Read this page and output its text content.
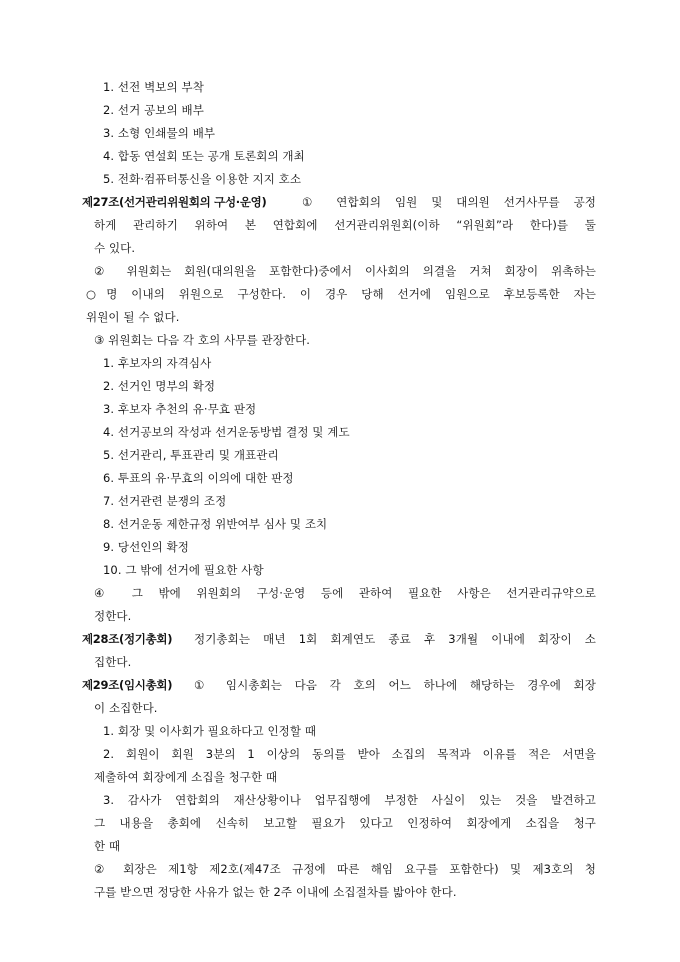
1. 선전 벽보의 부착
2. 선거 공보의 배부
3. 소형 인쇄물의 배부
4. 합동 연설회 또는 공개 토론회의 개최
5. 전화·컴퓨터통신을 이용한 지지 호소
제27조(선거관리위원회의 구성·운영)	① 연합회의 임원 및 대의원 선거사무를 공정
하게 관리하기 위하여 본 연합회에 선거관리위원회(이하 “위원회”라 한다)를 둘
수 있다.
② 위원회는 회원(대의원을 포함한다)중에서 이사회의 의결을 거쳐 회장이 위촉하는
○명 이내의 위원으로 구성한다. 이 경우 당해 선거에 임원으로 후보등록한 자는
위원이 될 수 없다.
③ 위원회는 다음 각 호의 사무를 관장한다.
1. 후보자의 자격심사
2. 선거인 명부의 확정
3. 후보자 추천의 유·무효 판정
4. 선거공보의 작성과 선거운동방법 결정 및 계도
5. 선거관리, 투표관리 및 개표관리
6. 투표의 유·무효의 이의에 대한 판정
7. 선거관련 분쟁의 조정
8. 선거운동 제한규정 위반여부 심사 및 조치
9. 당선인의 확정
10. 그 밖에 선거에 필요한 사항
④ 그 밖에 위원회의 구성·운영 등에 관하여 필요한 사항은 선거관리규약으로
정한다.
제28조(정기총회) 정기총회는 매년 1회 회계연도 종료 후 3개월 이내에 회장이 소
집한다.
제29조(임시총회) ① 임시총회는 다음 각 호의 어느 하나에 해당하는 경우에 회장
이 소집한다.
1. 회장 및 이사회가 필요하다고 인정할 때
2. 회원이 회원 3분의 1 이상의 동의를 받아 소집의 목적과 이유를 적은 서면을
제출하여 회장에게 소집을 청구한 때
3. 감사가 연합회의 재산상황이나 업무집행에 부정한 사실이 있는 것을 발견하고
그 내용을 총회에 신속히 보고할 필요가 있다고 인정하여 회장에게 소집을 청구
한 때
② 회장은 제1항 제2호(제47조 규정에 따른 해임 요구를 포함한다) 및 제3호의 청
구를 받으면 정당한 사유가 없는 한 2주 이내에 소집절차를 밟아야 한다.
